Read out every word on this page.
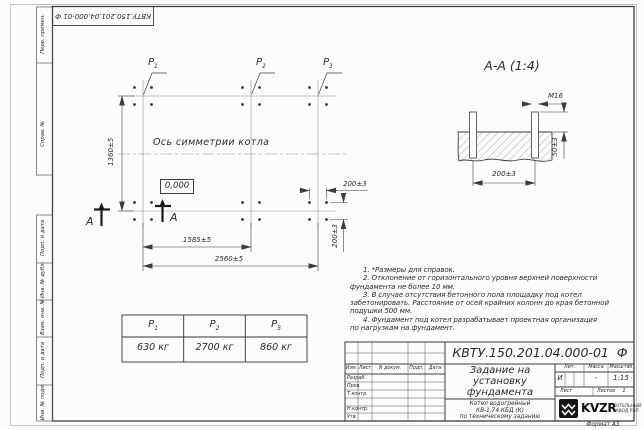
КВТУ.150.201.04.000-01 Ф
Перв. примен.
Справ. №
Подп. и дата
Инв. № дубл.
Взам. инв. №
Подп. и дата
Инв. № подл.
$P_1$	$P_2$	$P_3$
Ось симметрии котла
0,000
1360±5
1585±5
2560±5
200±3
200±3
А	А
А-А (1:4)
М16
50±3
200±3
1. *Размеры для справок.
2. Отклонение от горизонтального уровня верхней поверхности
фундамента не более 10 мм.
3. В случае отсутствия бетонного пола площадку под котел
забетонировать. Расстояние от осей крайних колонн до края бетонной
подушки 500 мм.
4. Фундамент под котел разрабатывает проектная организация
по нагрузкам на фундамент.
$P_1$	$P_2$	$P_3$
630 кг	2700 кг	860 кг	КВТУ.150.201.04.000-01 Ф
Изм. Лист	N докум.	Подп.	Дата
Разраб.
Пров.
Т.контр.
Н.контр.
Утв.
Задание на
установку
фундамента
Котел водогрейный
КВ-1,74 КБД (К)
по техническому заданию
Лит.	Масса	Масштаб
И	-	1:15
Лист	Листов	1
KVZR
КОТЕЛЬНЫЙ
ЗАВОД РЭП
Формат А3
